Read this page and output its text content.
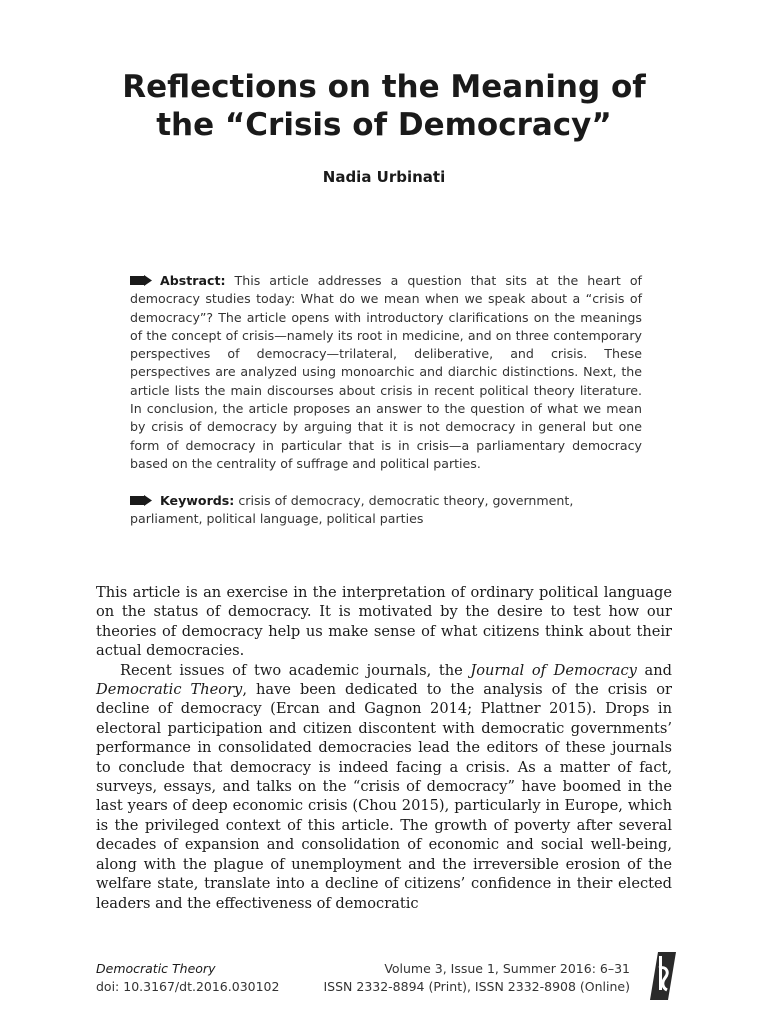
Reflections on the Meaning of
the “Crisis of Democracy”
Nadia Urbinati
Abstract: This article addresses a question that sits at the heart of democracy studies today: What do we mean when we speak about a “crisis of democracy”? The article opens with introductory clarifications on the meanings of the concept of crisis—namely its root in medicine, and on three contemporary perspectives of democracy—trilateral, deliberative, and crisis. These perspectives are analyzed using monoarchic and diarchic distinctions. Next, the article lists the main discourses about crisis in recent political theory literature. In conclusion, the article proposes an answer to the question of what we mean by crisis of democracy by arguing that it is not democracy in general but one form of democracy in particular that is in crisis—a parliamentary democracy based on the centrality of suffrage and political parties.
Keywords: crisis of democracy, democratic theory, government, parliament, political language, political parties

This article is an exercise in the interpretation of ordinary political language on the status of democracy. It is motivated by the desire to test how our theories of democracy help us make sense of what citizens think about their actual democracies.

Recent issues of two academic journals, the Journal of Democracy and Democratic Theory, have been dedicated to the analysis of the crisis or decline of democracy (Ercan and Gagnon 2014; Plattner 2015). Drops in electoral participation and citizen discontent with democratic governments’ performance in consolidated democracies lead the editors of these journals to conclude that democracy is indeed facing a crisis. As a matter of fact, surveys, essays, and talks on the “crisis of democracy” have boomed in the last years of deep economic crisis (Chou 2015), particularly in Europe, which is the privileged context of this article. The growth of poverty after several decades of expansion and consolidation of economic and social well-being, along with the plague of unemployment and the irreversible erosion of the welfare state, translate into a decline of citizens’ confidence in their elected leaders and the effectiveness of democratic

Democratic Theory
doi: 10.3167/dt.2016.030102
Volume 3, Issue 1, Summer 2016: 6–31
ISSN 2332-8894 (Print), ISSN 2332-8908 (Online)
